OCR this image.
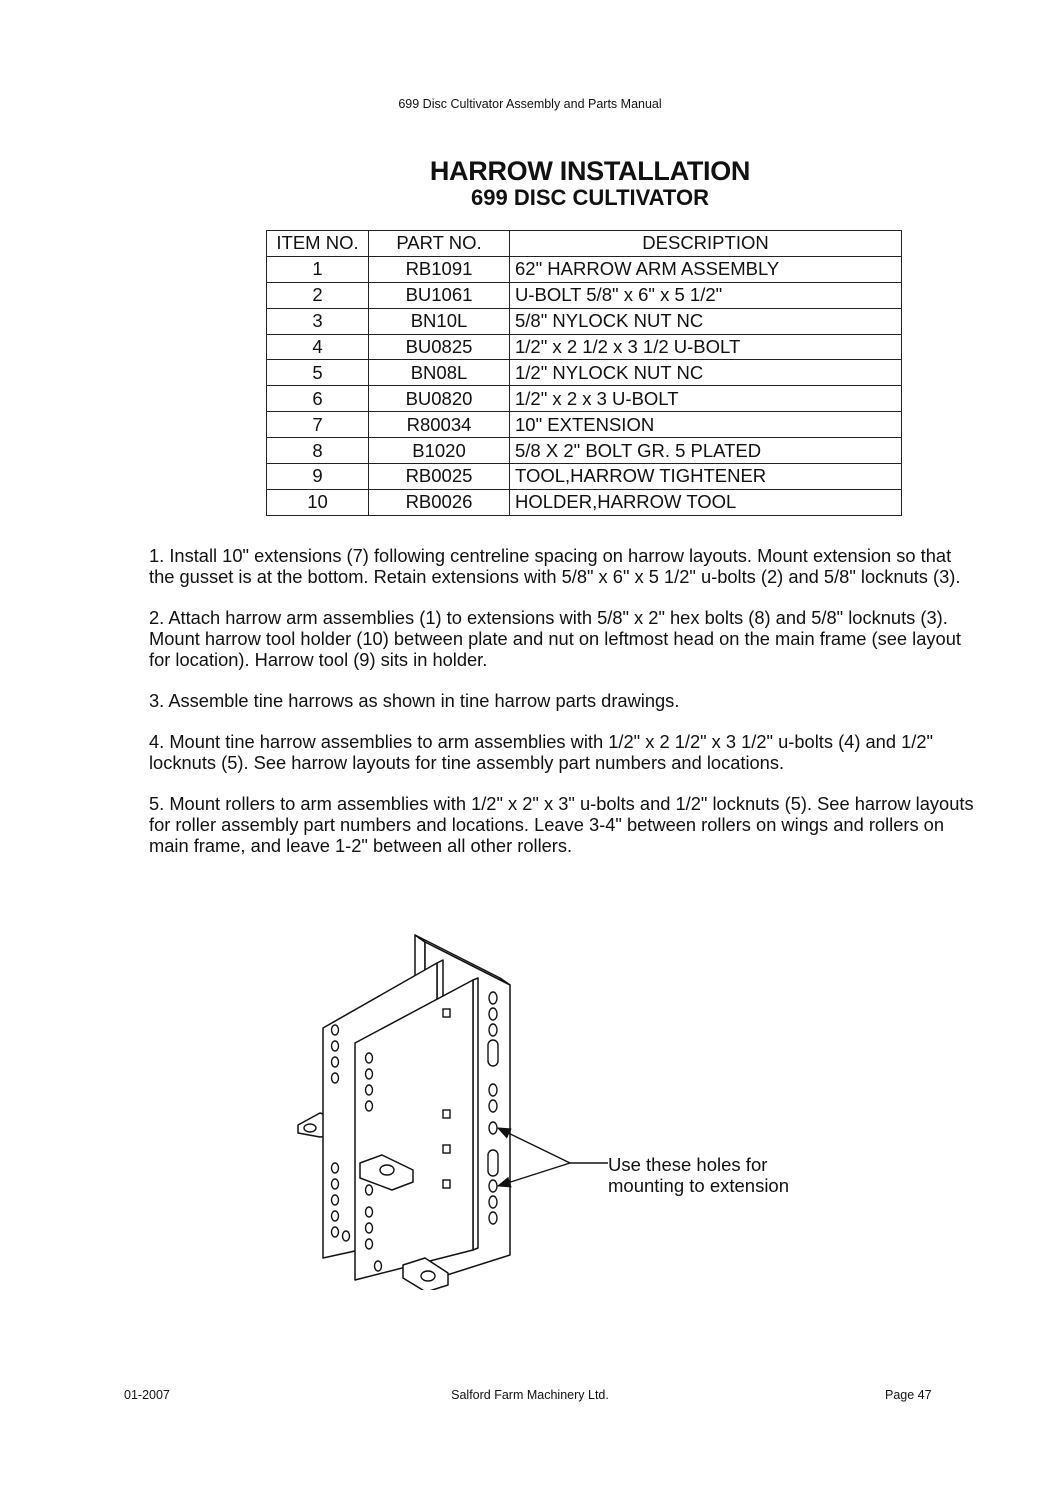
699 Disc Cultivator Assembly and Parts Manual
HARROW INSTALLATION
699 DISC CULTIVATOR
ITEM NO.	PART NO.	DESCRIPTION
1	RB1091	62" HARROW ARM ASSEMBLY
2	BU1061	U-BOLT 5/8" x 6" x 5 1/2"
3	BN10L	5/8" NYLOCK NUT NC
4	BU0825	1/2" x 2 1/2 x 3 1/2 U-BOLT
5	BN08L	1/2" NYLOCK NUT NC
6	BU0820	1/2" x 2 x 3 U-BOLT
7	R80034	10" EXTENSION
8	B1020	5/8 X 2" BOLT GR. 5 PLATED
9	RB0025	TOOL,HARROW TIGHTENER
10	RB0026	HOLDER,HARROW TOOL

1. Install 10" extensions (7) following centreline spacing on harrow layouts. Mount extension so that the gusset is at the bottom. Retain extensions with 5/8" x 6" x 5 1/2" u-bolts (2) and 5/8" locknuts (3).

2. Attach harrow arm assemblies (1) to extensions with 5/8" x 2" hex bolts (8) and 5/8" locknuts (3). Mount harrow tool holder (10) between plate and nut on leftmost head on the main frame (see layout for location). Harrow tool (9) sits in holder.

3. Assemble tine harrows as shown in tine harrow parts drawings.

4. Mount tine harrow assemblies to arm assemblies with 1/2" x 2 1/2" x 3 1/2" u-bolts (4) and 1/2" locknuts (5). See harrow layouts for tine assembly part numbers and locations.

5. Mount rollers to arm assemblies with 1/2" x 2" x 3" u-bolts and 1/2" locknuts (5). See harrow layouts for roller assembly part numbers and locations. Leave 3-4" between rollers on wings and rollers on main frame, and leave 1-2" between all other rollers.

Use these holes for
mounting to extension
01-2007	Salford Farm Machinery Ltd.	Page 47
